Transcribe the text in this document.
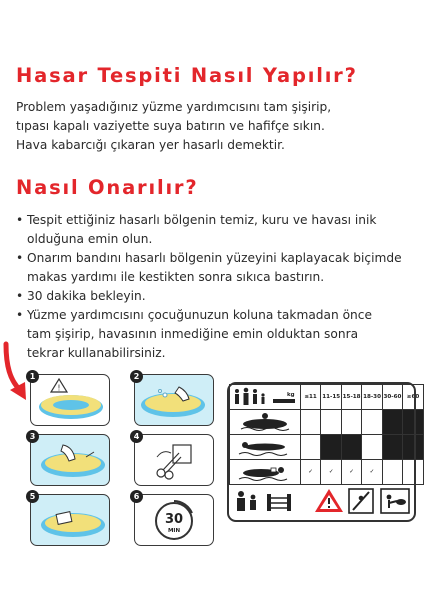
Hasar Tespiti Nasıl Yapılır?
Problem yaşadığınız yüzme yardımcısını tam şişirip,
tıpası kapalı vaziyette suya batırın ve hafifçe sıkın.
Hava kabarcığı çıkaran yer hasarlı demektir.
Nasıl Onarılır?
• Tespit ettiğiniz hasarlı bölgenin temiz, kuru ve havası inik
olduğuna emin olun.
• Onarım bandını hasarlı bölgenin yüzeyini kaplayacak biçimde
makas yardımı ile kestikten sonra sıkıca bastırın.
• 30 dakika bekleyin.
• Yüzme yardımcısını çocuğunuzun koluna takmadan önce
tam şişirip, havasının inmediğine emin olduktan sonra
tekrar kullanabilirsiniz.
!
1	2
3	4
5
30
MIN
6
kg	≤11	11-15	15-18	18-30	30-60	≥60

	✓	✓	✓	✓		
